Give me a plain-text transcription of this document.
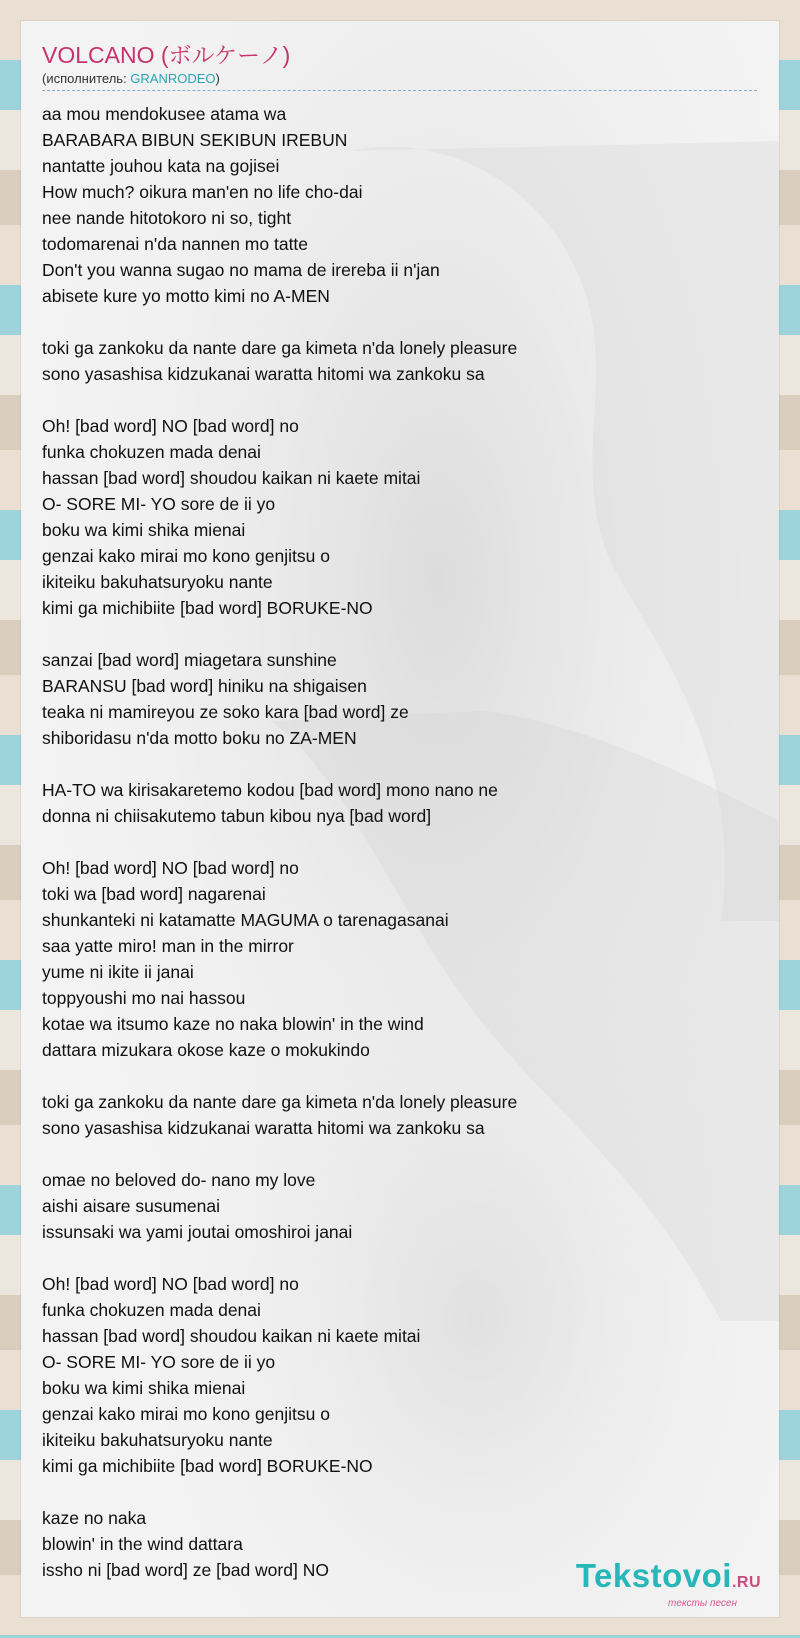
VOLCANO (ボルケーノ)
(исполнитель: GRANRODEO)
aa mou mendokusee atama wa
BARABARA BIBUN SEKIBUN IREBUN
nantatte jouhou kata na gojisei
How much? oikura man'en no life cho-dai
nee nande hitotokoro ni so, tight
todomarenai n'da nannen mo tatte
Don't you wanna sugao no mama de irereba ii n'jan
abisete kure yo motto kimi no A-MEN
toki ga zankoku da nante dare ga kimeta n'da lonely pleasure
sono yasashisa kidzukanai waratta hitomi wa zankoku sa
Oh! [bad word] NO [bad word] no
funka chokuzen mada denai
hassan [bad word] shoudou kaikan ni kaete mitai
O- SORE MI- YO sore de ii yo
boku wa kimi shika mienai
genzai kako mirai mo kono genjitsu o
ikiteiku bakuhatsuryoku nante
kimi ga michibiite [bad word] BORUKE-NO
sanzai [bad word] miagetara sunshine
BARANSU [bad word] hiniku na shigaisen
teaka ni mamireyou ze soko kara [bad word] ze
shiboridasu n'da motto boku no ZA-MEN
HA-TO wa kirisakaretemo kodou [bad word] mono nano ne
donna ni chiisakutemo tabun kibou nya [bad word]
Oh! [bad word] NO [bad word] no
toki wa [bad word] nagarenai
shunkanteki ni katamatte MAGUMA o tarenagasanai
saa yatte miro! man in the mirror
yume ni ikite ii janai
toppyoushi mo nai hassou
kotae wa itsumo kaze no naka blowin' in the wind
dattara mizukara okose kaze o mokukindo
toki ga zankoku da nante dare ga kimeta n'da lonely pleasure
sono yasashisa kidzukanai waratta hitomi wa zankoku sa
omae no beloved do- nano my love
aishi aisare susumenai
issunsaki wa yami joutai omoshiroi janai
Oh! [bad word] NO [bad word] no
funka chokuzen mada denai
hassan [bad word] shoudou kaikan ni kaete mitai
O- SORE MI- YO sore de ii yo
boku wa kimi shika mienai
genzai kako mirai mo kono genjitsu o
ikiteiku bakuhatsuryoku nante
kimi ga michibiite [bad word] BORUKE-NO
kaze no naka
blowin' in the wind dattara
issho ni [bad word] ze [bad word] NO	Tekstovoi.RU
тексты песен
